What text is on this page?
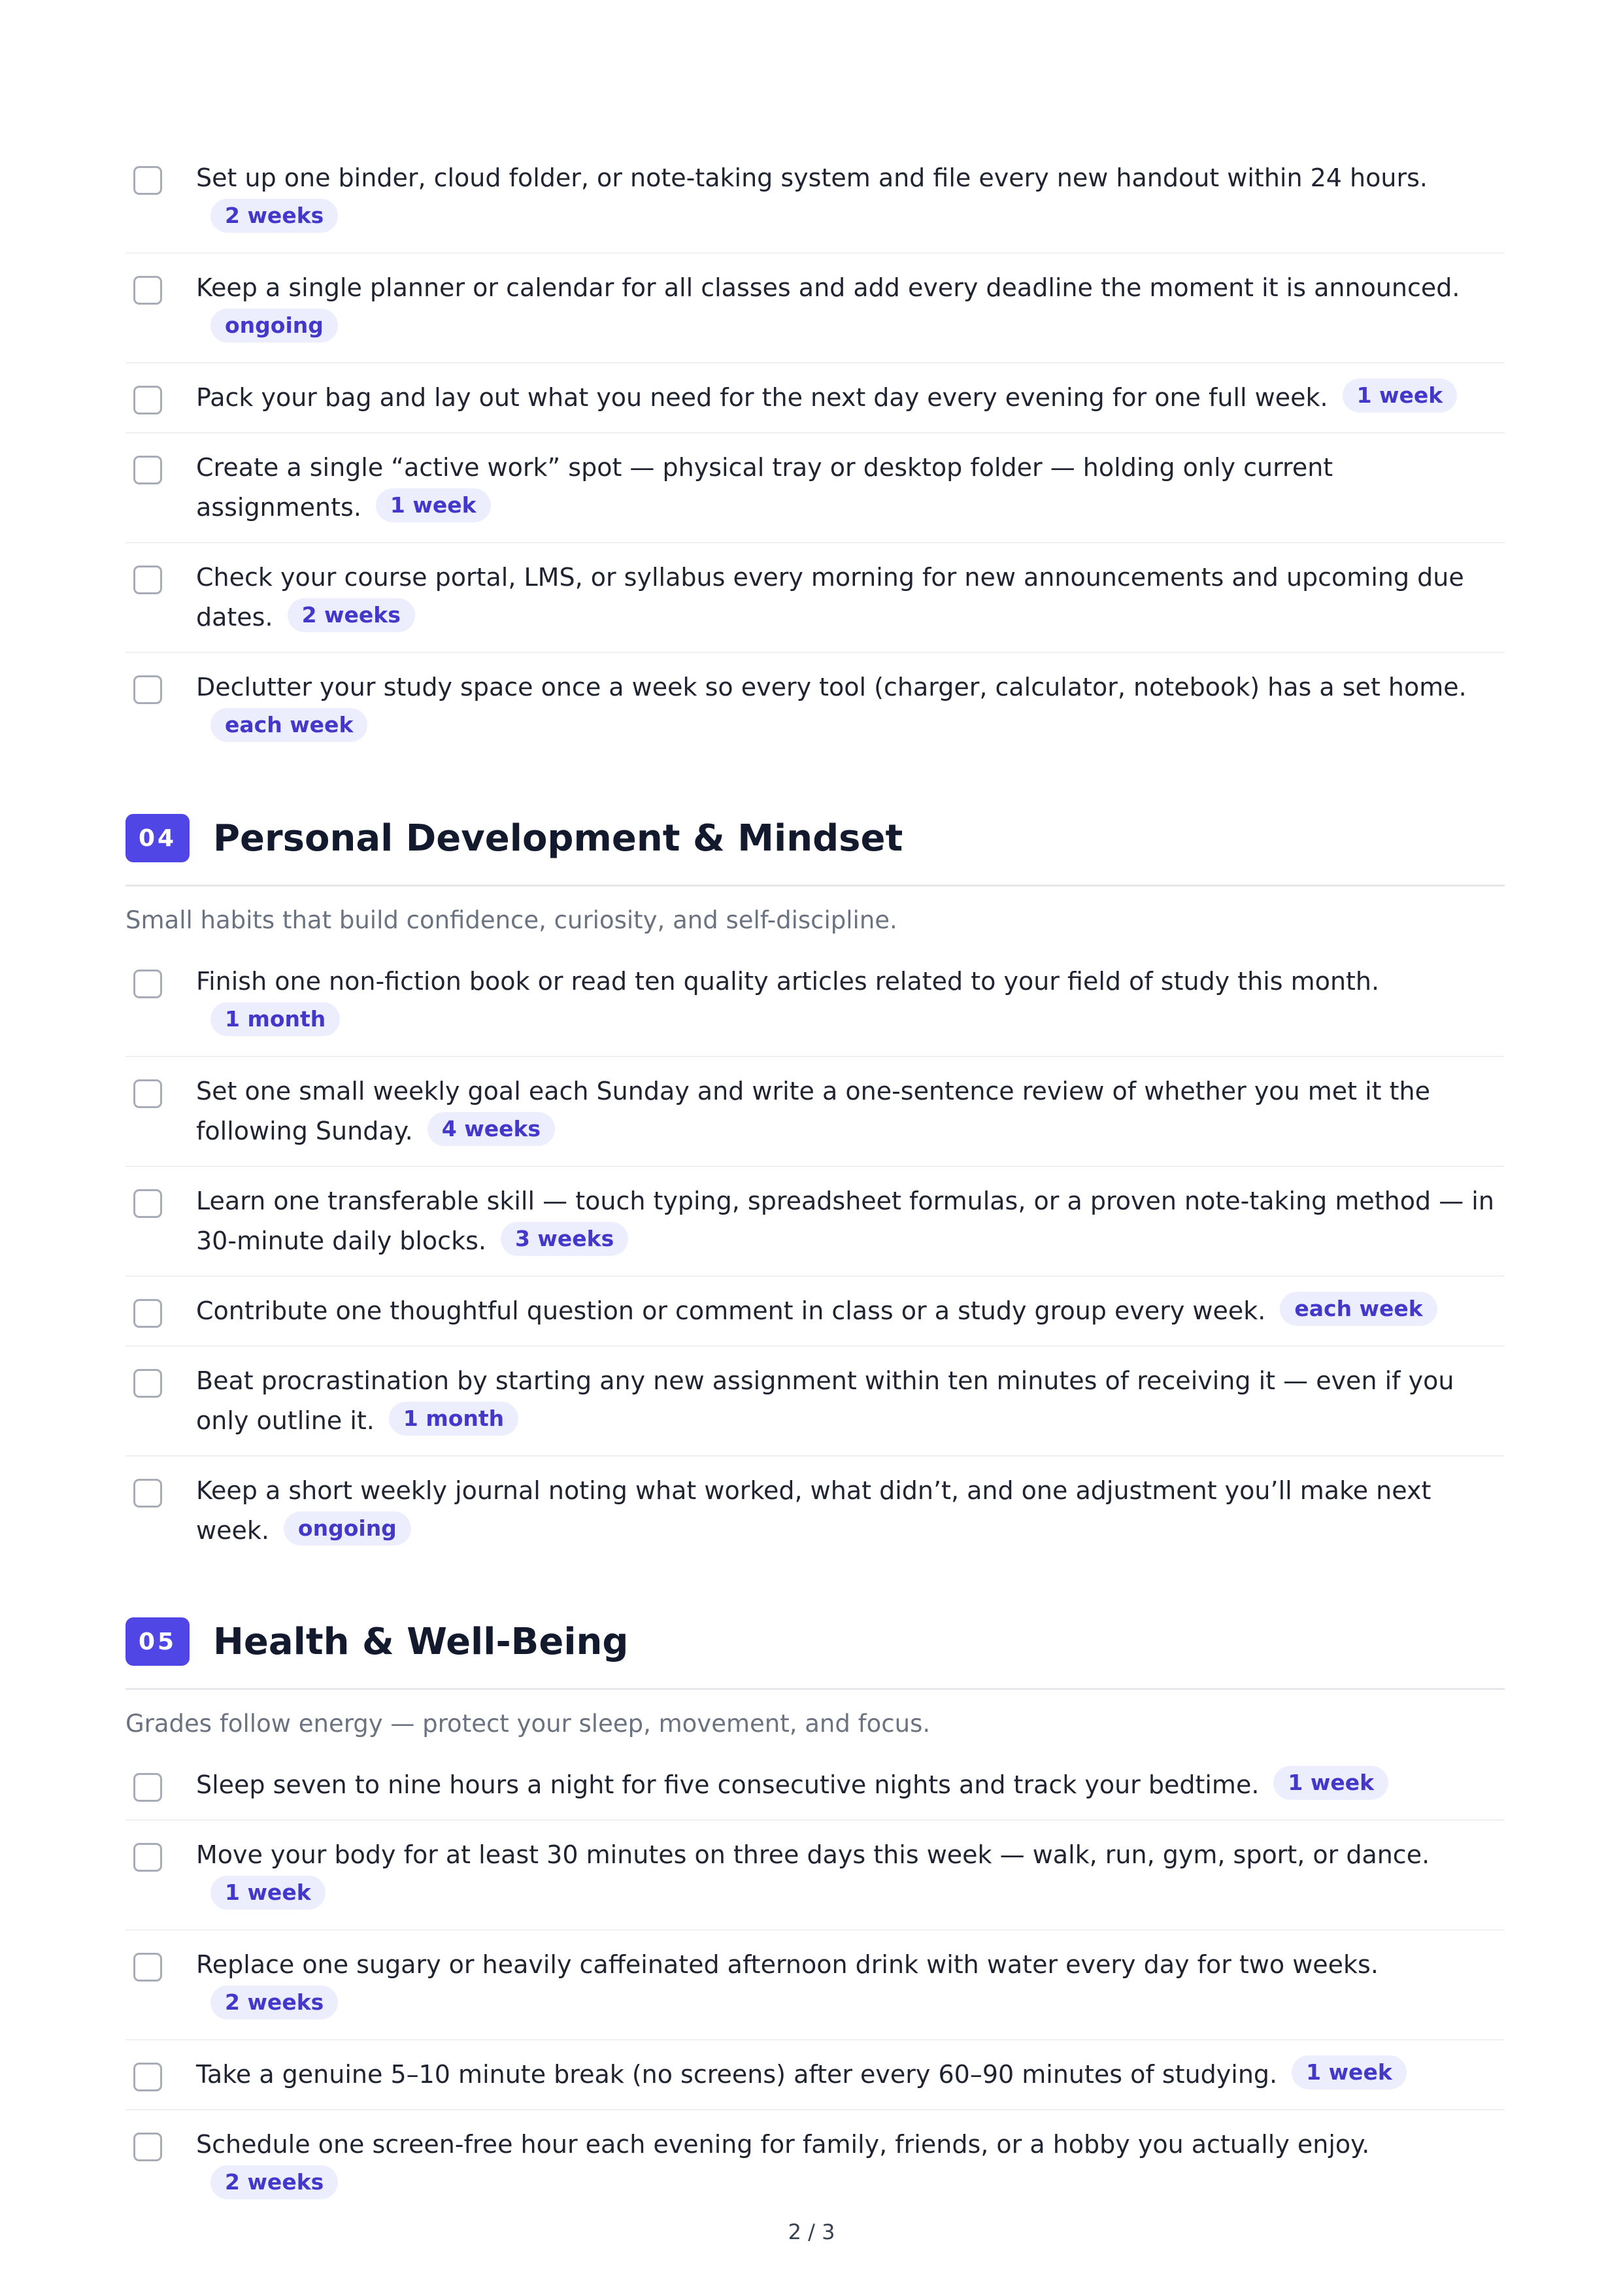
Set up one binder, cloud folder, or note-taking system and file every new handout within 24 hours.2 weeks
Keep a single planner or calendar for all classes and add every deadline the moment it is announced.ongoing
Pack your bag and lay out what you need for the next day every evening for one full week. 1 week
Create a single “active work” spot — physical tray or desktop folder — holding only current assignments. 1 week
Check your course portal, LMS, or syllabus every morning for new announcements and upcoming due dates. 2 weeks
Declutter your study space once a week so every tool (charger, calculator, notebook) has a set home.each week
04 Personal Development & Mindset
Small habits that build confidence, curiosity, and self-discipline.
Finish one non-fiction book or read ten quality articles related to your field of study this month.1 month
Set one small weekly goal each Sunday and write a one-sentence review of whether you met it the following Sunday. 4 weeks
Learn one transferable skill — touch typing, spreadsheet formulas, or a proven note-taking method — in 30-minute daily blocks. 3 weeks
Contribute one thoughtful question or comment in class or a study group every week. each week
Beat procrastination by starting any new assignment within ten minutes of receiving it — even if you only outline it. 1 month
Keep a short weekly journal noting what worked, what didn’t, and one adjustment you’ll make next week. ongoing
05 Health & Well-Being
Grades follow energy — protect your sleep, movement, and focus.
Sleep seven to nine hours a night for five consecutive nights and track your bedtime. 1 week
Move your body for at least 30 minutes on three days this week — walk, run, gym, sport, or dance.1 week
Replace one sugary or heavily caffeinated afternoon drink with water every day for two weeks.2 weeks
Take a genuine 5–10 minute break (no screens) after every 60–90 minutes of studying. 1 week
Schedule one screen-free hour each evening for family, friends, or a hobby you actually enjoy.2 weeks
2 / 3
